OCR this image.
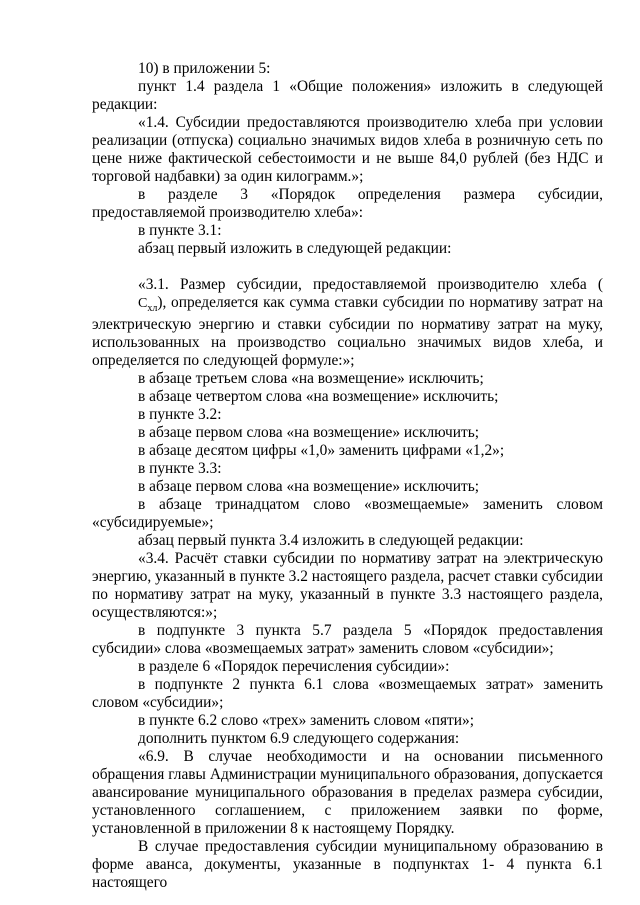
10) в приложении 5:

пункт 1.4 раздела 1 «Общие положения» изложить в следующей редакции:

«1.4. Субсидии предоставляются производителю хлеба при условии реализации (отпуска) социально значимых видов хлеба в розничную сеть по цене ниже фактической себестоимости и не выше 84,0 рублей (без НДС и торговой надбавки) за один килограмм.»;

в разделе 3 «Порядок определения размера субсидии, предоставляемой производителю хлеба»:

в пункте 3.1:

абзац первый изложить в следующей редакции:

«3.1. Размер субсидии, предоставляемой производителю хлеба $(С_{хл})$, определяется как сумма ставки субсидии по нормативу затрат на электрическую энергию и ставки субсидии по нормативу затрат на муку, использованных на производство социально значимых видов хлеба, и определяется по следующей формуле:»;

в абзаце третьем слова «на возмещение» исключить;

в абзаце четвертом слова «на возмещение» исключить;

в пункте 3.2:

в абзаце первом слова «на возмещение» исключить;

в абзаце десятом цифры «1,0» заменить цифрами «1,2»;

в пункте 3.3:

в абзаце первом слова «на возмещение» исключить;

в абзаце тринадцатом слово «возмещаемые» заменить словом «субсидируемые»;

абзац первый пункта 3.4 изложить в следующей редакции:

«3.4. Расчёт ставки субсидии по нормативу затрат на электрическую энергию, указанный в пункте 3.2 настоящего раздела, расчет ставки субсидии по нормативу затрат на муку, указанный в пункте 3.3 настоящего раздела, осуществляются:»;

в подпункте 3 пункта 5.7 раздела 5 «Порядок предоставления субсидии» слова «возмещаемых затрат» заменить словом «субсидии»;

в разделе 6 «Порядок перечисления субсидии»:

в подпункте 2 пункта 6.1 слова «возмещаемых затрат» заменить словом «субсидии»;

в пункте 6.2 слово «трех» заменить словом «пяти»;

дополнить пунктом 6.9 следующего содержания:

«6.9. В случае необходимости и на основании письменного обращения главы Администрации муниципального образования, допускается авансирование муниципального образования в пределах размера субсидии, установленного соглашением, с приложением заявки по форме, установленной в приложении 8 к настоящему Порядку.

В случае предоставления субсидии муниципальному образованию в форме аванса, документы, указанные в подпунктах 1- 4 пункта 6.1 настоящего
